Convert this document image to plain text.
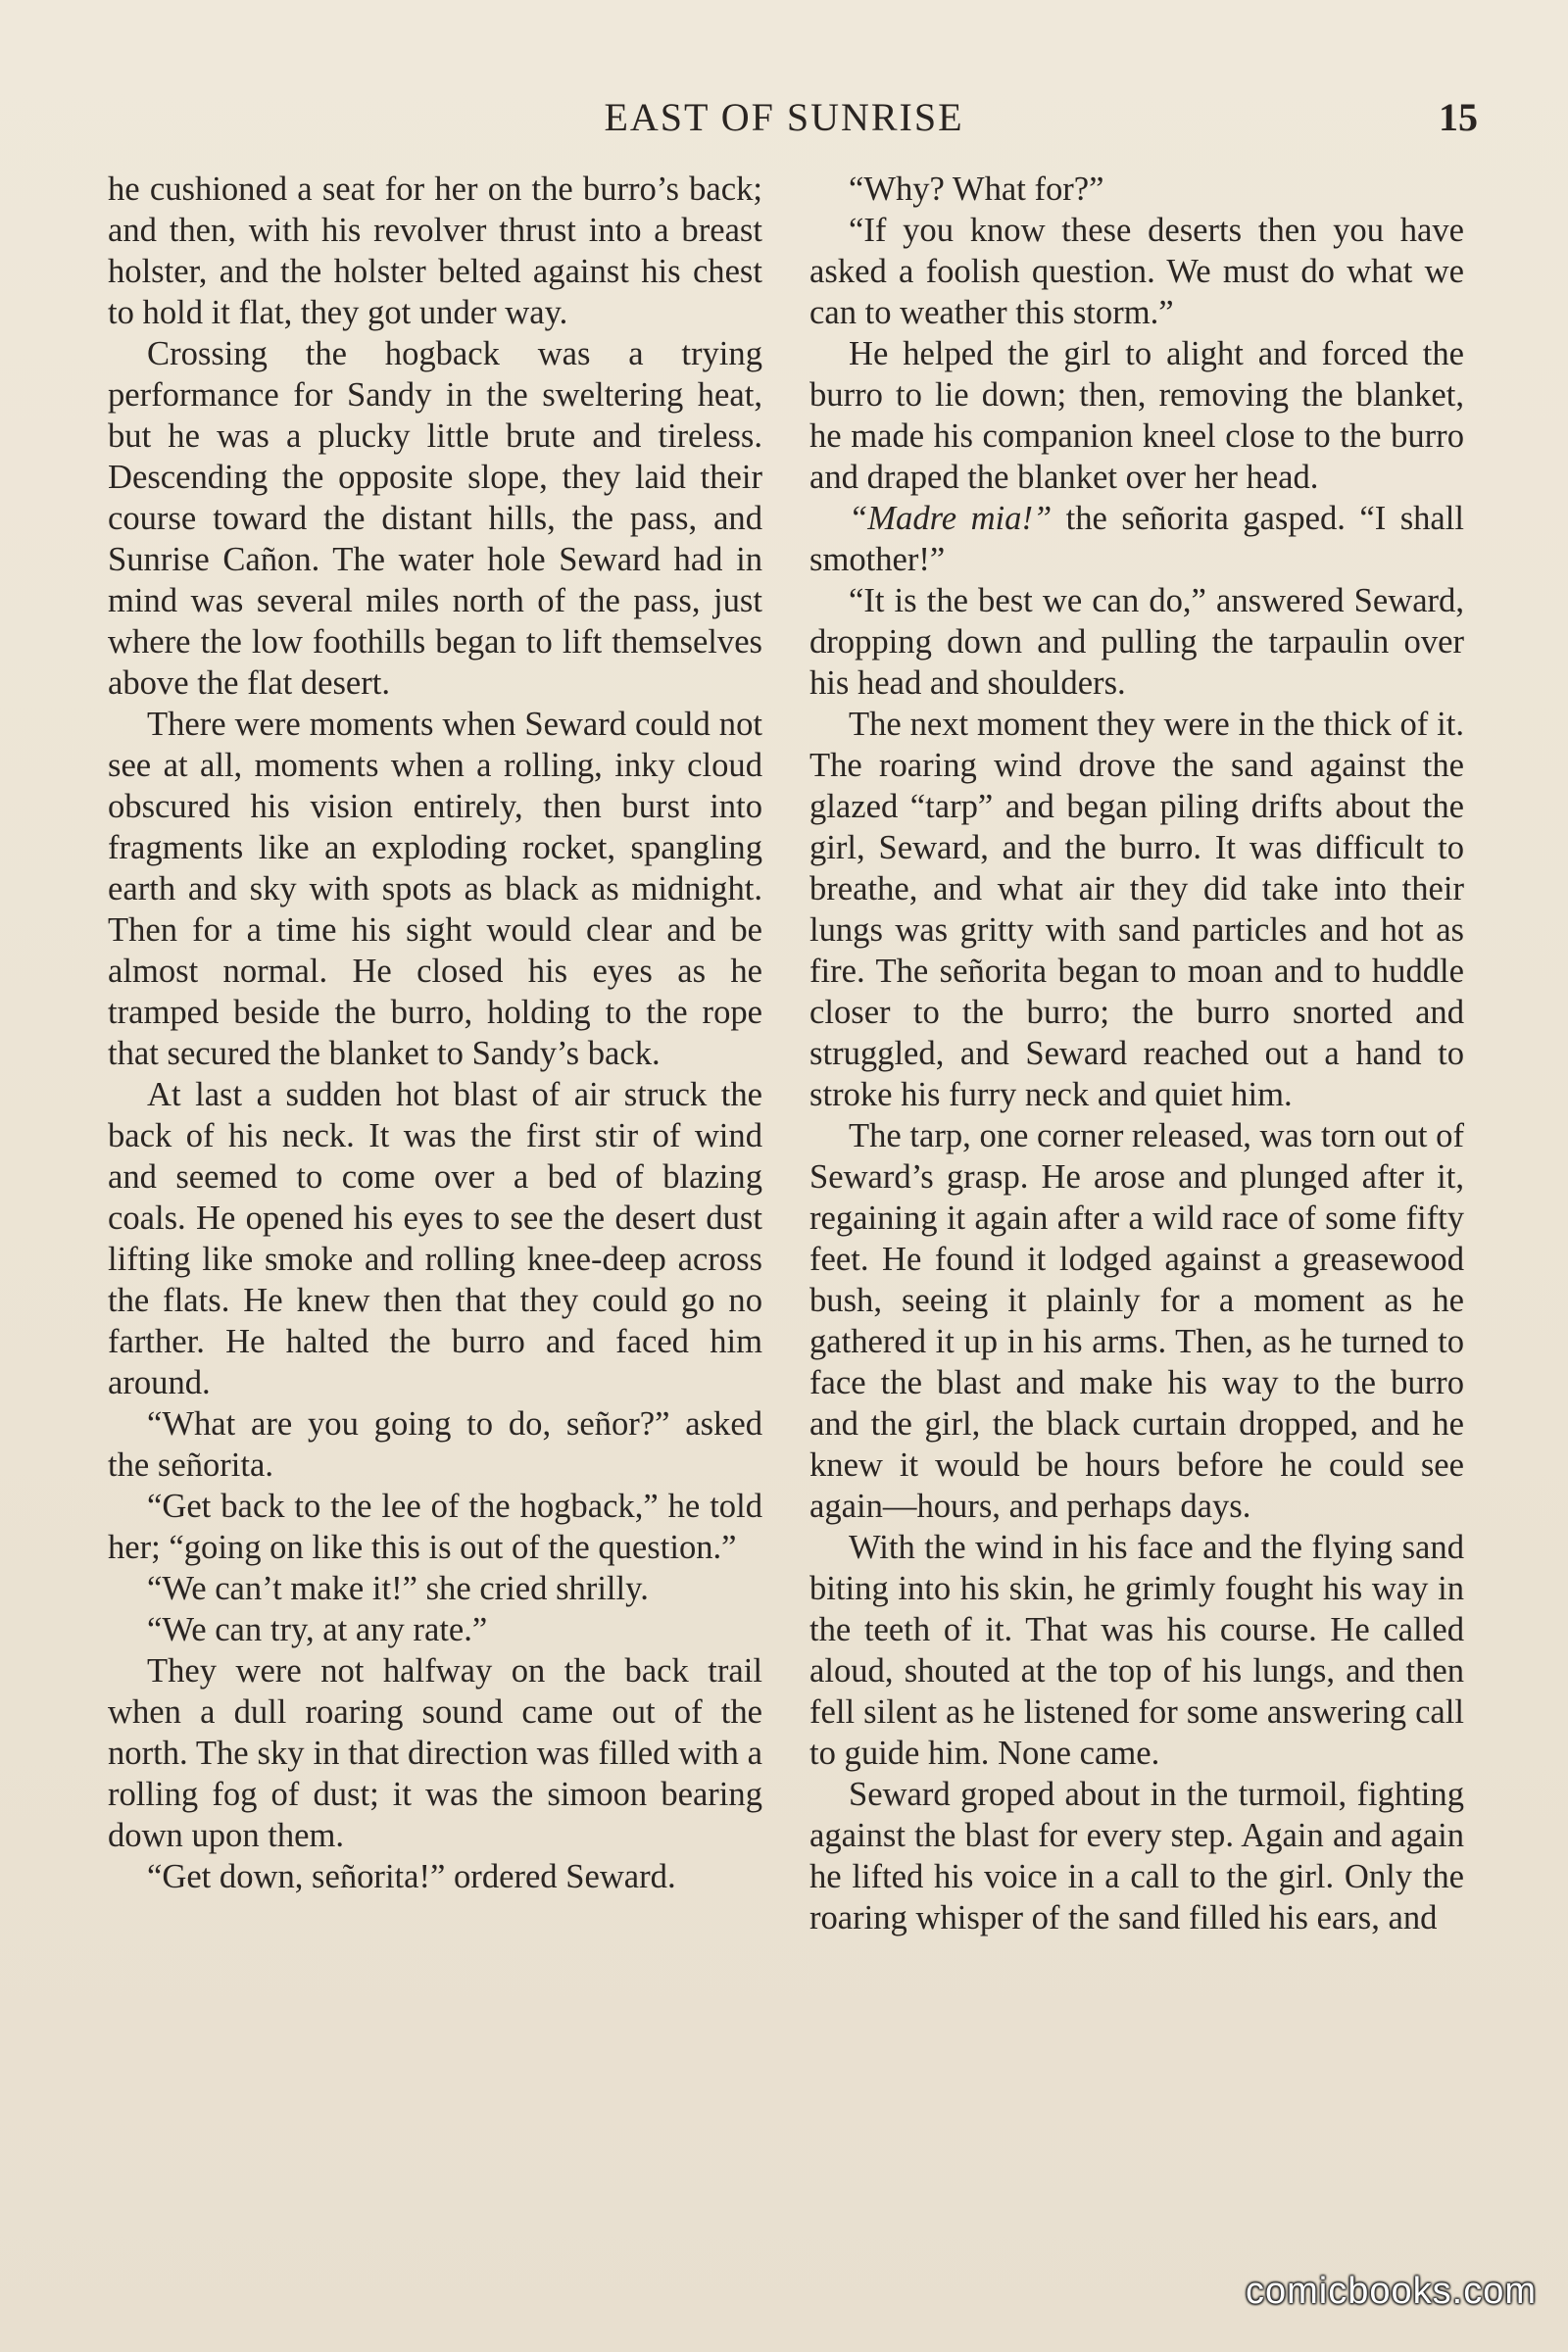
EAST OF SUNRISE	15

he cushioned a seat for her on the burro’s back; and then, with his revolver thrust into a breast holster, and the holster belted against his chest to hold it flat, they got under way.

Crossing the hogback was a trying performance for Sandy in the sweltering heat, but he was a plucky little brute and tireless. Descending the opposite slope, they laid their course toward the distant hills, the pass, and Sunrise Cañon. The water hole Seward had in mind was several miles north of the pass, just where the low foothills began to lift themselves above the flat desert.

There were moments when Seward could not see at all, moments when a rolling, inky cloud obscured his vision entirely, then burst into fragments like an exploding rocket, spangling earth and sky with spots as black as midnight. Then for a time his sight would clear and be almost normal. He closed his eyes as he tramped beside the burro, holding to the rope that secured the blanket to Sandy’s back.

At last a sudden hot blast of air struck the back of his neck. It was the first stir of wind and seemed to come over a bed of blazing coals. He opened his eyes to see the desert dust lifting like smoke and rolling knee-deep across the flats. He knew then that they could go no farther. He halted the burro and faced him around.

“What are you going to do, señor?” asked the señorita.

“Get back to the lee of the hogback,” he told her; “going on like this is out of the question.”

“We can’t make it!” she cried shrilly.

“We can try, at any rate.”

They were not halfway on the back trail when a dull roaring sound came out of the north. The sky in that direction was filled with a rolling fog of dust; it was the simoon bearing down upon them.

“Get down, señorita!” ordered Seward.

“Why? What for?”

“If you know these deserts then you have asked a foolish question. We must do what we can to weather this storm.”

He helped the girl to alight and forced the burro to lie down; then, removing the blanket, he made his companion kneel close to the burro and draped the blanket over her head.

“Madre mia!” the señorita gasped. “I shall smother!”

“It is the best we can do,” answered Seward, dropping down and pulling the tarpaulin over his head and shoulders.

The next moment they were in the thick of it. The roaring wind drove the sand against the glazed “tarp” and began piling drifts about the girl, Seward, and the burro. It was difficult to breathe, and what air they did take into their lungs was gritty with sand particles and hot as fire. The señorita began to moan and to huddle closer to the burro; the burro snorted and struggled, and Seward reached out a hand to stroke his furry neck and quiet him.

The tarp, one corner released, was torn out of Seward’s grasp. He arose and plunged after it, regaining it again after a wild race of some fifty feet. He found it lodged against a greasewood bush, seeing it plainly for a moment as he gathered it up in his arms. Then, as he turned to face the blast and make his way to the burro and the girl, the black curtain dropped, and he knew it would be hours before he could see again—hours, and perhaps days.

With the wind in his face and the flying sand biting into his skin, he grimly fought his way in the teeth of it. That was his course. He called aloud, shouted at the top of his lungs, and then fell silent as he listened for some answering call to guide him. None came.

Seward groped about in the turmoil, fighting against the blast for every step. Again and again he lifted his voice in a call to the girl. Only the roaring whisper of the sand filled his ears, and

comicbooks.com
